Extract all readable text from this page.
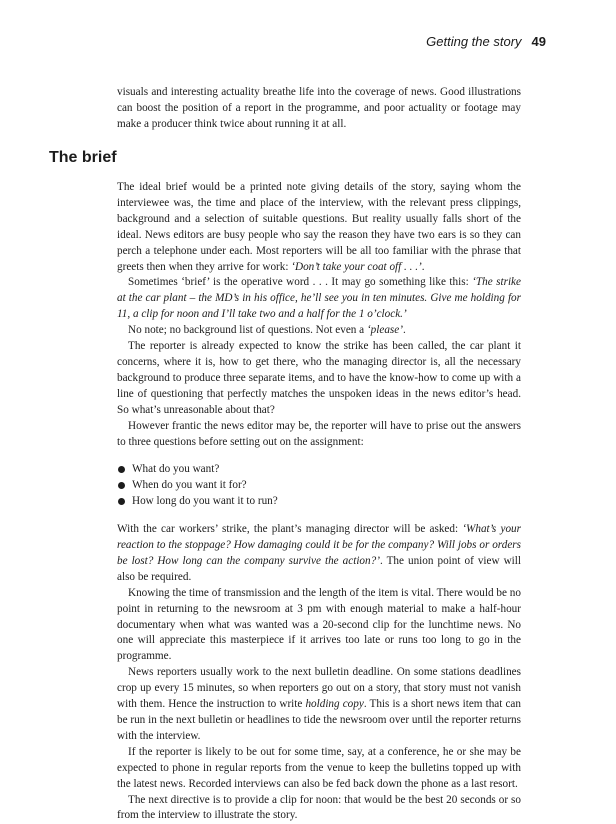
Getting the story 49

visuals and interesting actuality breathe life into the coverage of news. Good illustrations can boost the position of a report in the programme, and poor actuality or footage may make a producer think twice about running it at all.

The brief

The ideal brief would be a printed note giving details of the story, saying whom the interviewee was, the time and place of the interview, with the relevant press clippings, background and a selection of suitable questions. But reality usually falls short of the ideal. News editors are busy people who say the reason they have two ears is so they can perch a telephone under each. Most reporters will be all too familiar with the phrase that greets then when they arrive for work: ‘Don’t take your coat off . . .’.

Sometimes ‘brief’ is the operative word . . . It may go something like this: ‘The strike at the car plant – the MD’s in his office, he’ll see you in ten minutes. Give me holding for 11, a clip for noon and I’ll take two and a half for the 1 o’clock.’

No note; no background list of questions. Not even a ‘please’.

The reporter is already expected to know the strike has been called, the car plant it concerns, where it is, how to get there, who the managing director is, all the necessary background to produce three separate items, and to have the know-how to come up with a line of questioning that perfectly matches the unspoken ideas in the news editor’s head. So what’s unreasonable about that?

However frantic the news editor may be, the reporter will have to prise out the answers to three questions before setting out on the assignment:

What do you want?
When do you want it for?
How long do you want it to run?

With the car workers’ strike, the plant’s managing director will be asked: ‘What’s your reaction to the stoppage? How damaging could it be for the company? Will jobs or orders be lost? How long can the company survive the action?’. The union point of view will also be required.

Knowing the time of transmission and the length of the item is vital. There would be no point in returning to the newsroom at 3 pm with enough material to make a half-hour documentary when what was wanted was a 20-second clip for the lunchtime news. No one will appreciate this masterpiece if it arrives too late or runs too long to go in the programme.

News reporters usually work to the next bulletin deadline. On some stations deadlines crop up every 15 minutes, so when reporters go out on a story, that story must not vanish with them. Hence the instruction to write holding copy. This is a short news item that can be run in the next bulletin or headlines to tide the newsroom over until the reporter returns with the interview.

If the reporter is likely to be out for some time, say, at a conference, he or she may be expected to phone in regular reports from the venue to keep the bulletins topped up with the latest news. Recorded interviews can also be fed back down the phone as a last resort.

The next directive is to provide a clip for noon: that would be the best 20 seconds or so from the interview to illustrate the story.
